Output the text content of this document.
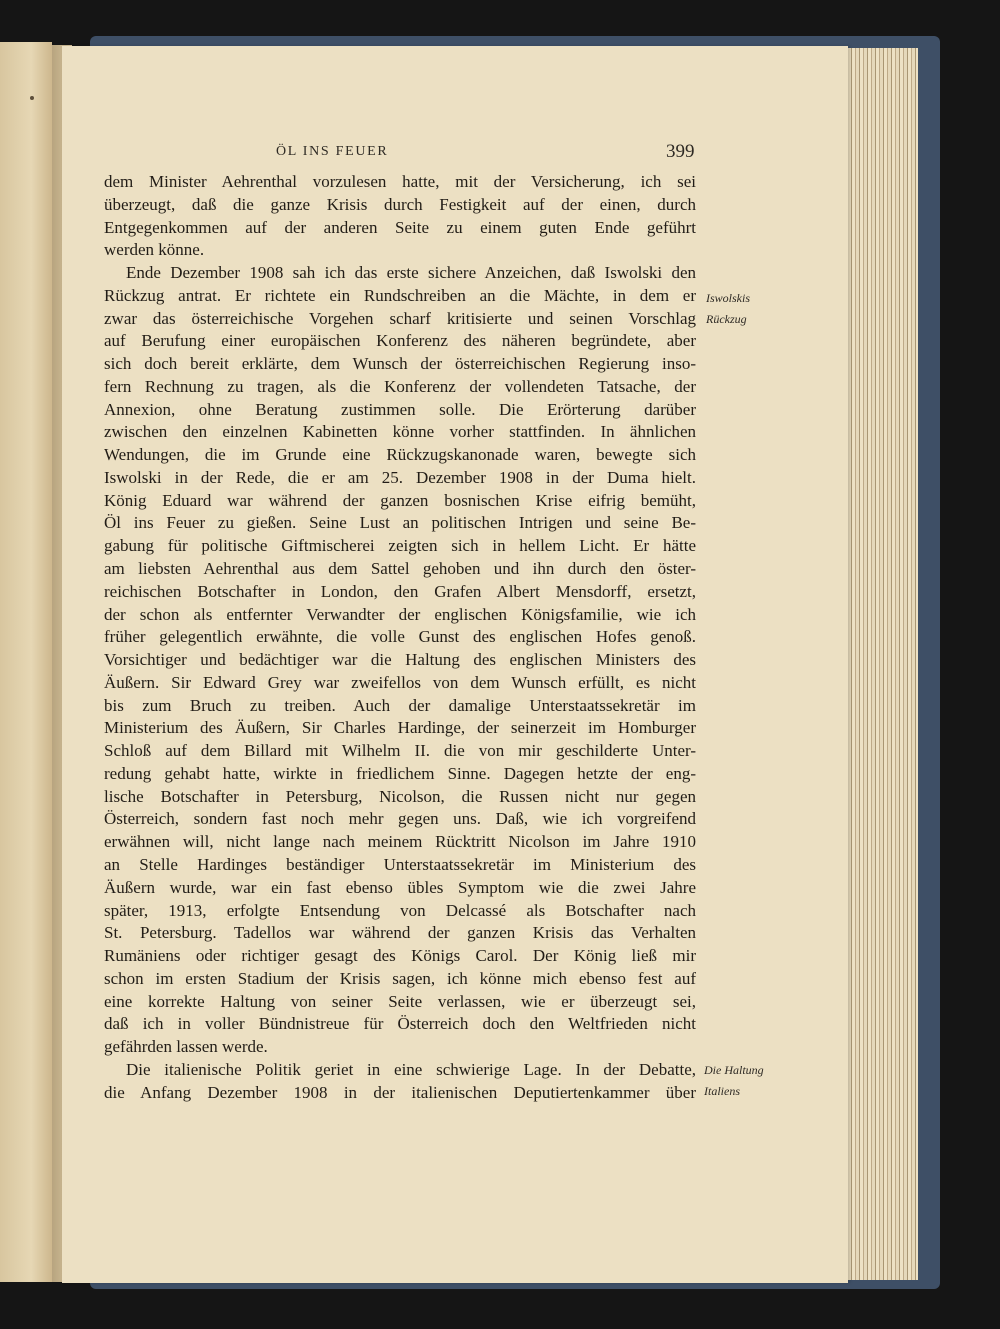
ÖL INS FEUER	399
dem Minister Aehrenthal vorzulesen hatte, mit der Versicherung, ich sei
überzeugt, daß die ganze Krisis durch Festigkeit auf der einen, durch
Entgegenkommen auf der anderen Seite zu einem guten Ende geführt
werden könne.
Ende Dezember 1908 sah ich das erste sichere Anzeichen, daß Iswolski den
Rückzug antrat. Er richtete ein Rundschreiben an die Mächte, in dem er
zwar das österreichische Vorgehen scharf kritisierte und seinen Vorschlag
auf Berufung einer europäischen Konferenz des näheren begründete, aber
sich doch bereit erklärte, dem Wunsch der österreichischen Regierung inso-
fern Rechnung zu tragen, als die Konferenz der vollendeten Tatsache, der
Annexion, ohne Beratung zustimmen solle. Die Erörterung darüber
zwischen den einzelnen Kabinetten könne vorher stattfinden. In ähnlichen
Wendungen, die im Grunde eine Rückzugskanonade waren, bewegte sich
Iswolski in der Rede, die er am 25. Dezember 1908 in der Duma hielt.
König Eduard war während der ganzen bosnischen Krise eifrig bemüht,
Öl ins Feuer zu gießen. Seine Lust an politischen Intrigen und seine Be-
gabung für politische Giftmischerei zeigten sich in hellem Licht. Er hätte
am liebsten Aehrenthal aus dem Sattel gehoben und ihn durch den öster-
reichischen Botschafter in London, den Grafen Albert Mensdorff, ersetzt,
der schon als entfernter Verwandter der englischen Königsfamilie, wie ich
früher gelegentlich erwähnte, die volle Gunst des englischen Hofes genoß.
Vorsichtiger und bedächtiger war die Haltung des englischen Ministers des
Äußern. Sir Edward Grey war zweifellos von dem Wunsch erfüllt, es nicht
bis zum Bruch zu treiben. Auch der damalige Unterstaatssekretär im
Ministerium des Äußern, Sir Charles Hardinge, der seinerzeit im Homburger
Schloß auf dem Billard mit Wilhelm II. die von mir geschilderte Unter-
redung gehabt hatte, wirkte in friedlichem Sinne. Dagegen hetzte der eng-
lische Botschafter in Petersburg, Nicolson, die Russen nicht nur gegen
Österreich, sondern fast noch mehr gegen uns. Daß, wie ich vorgreifend
erwähnen will, nicht lange nach meinem Rücktritt Nicolson im Jahre 1910
an Stelle Hardinges beständiger Unterstaatssekretär im Ministerium des
Äußern wurde, war ein fast ebenso übles Symptom wie die zwei Jahre
später, 1913, erfolgte Entsendung von Delcassé als Botschafter nach
St. Petersburg. Tadellos war während der ganzen Krisis das Verhalten
Rumäniens oder richtiger gesagt des Königs Carol. Der König ließ mir
schon im ersten Stadium der Krisis sagen, ich könne mich ebenso fest auf
eine korrekte Haltung von seiner Seite verlassen, wie er überzeugt sei,
daß ich in voller Bündnistreue für Österreich doch den Weltfrieden nicht
gefährden lassen werde.
Die italienische Politik geriet in eine schwierige Lage. In der Debatte,
die Anfang Dezember 1908 in der italienischen Deputiertenkammer über
Iswolskis
Rückzug
Die Haltung
Italiens
